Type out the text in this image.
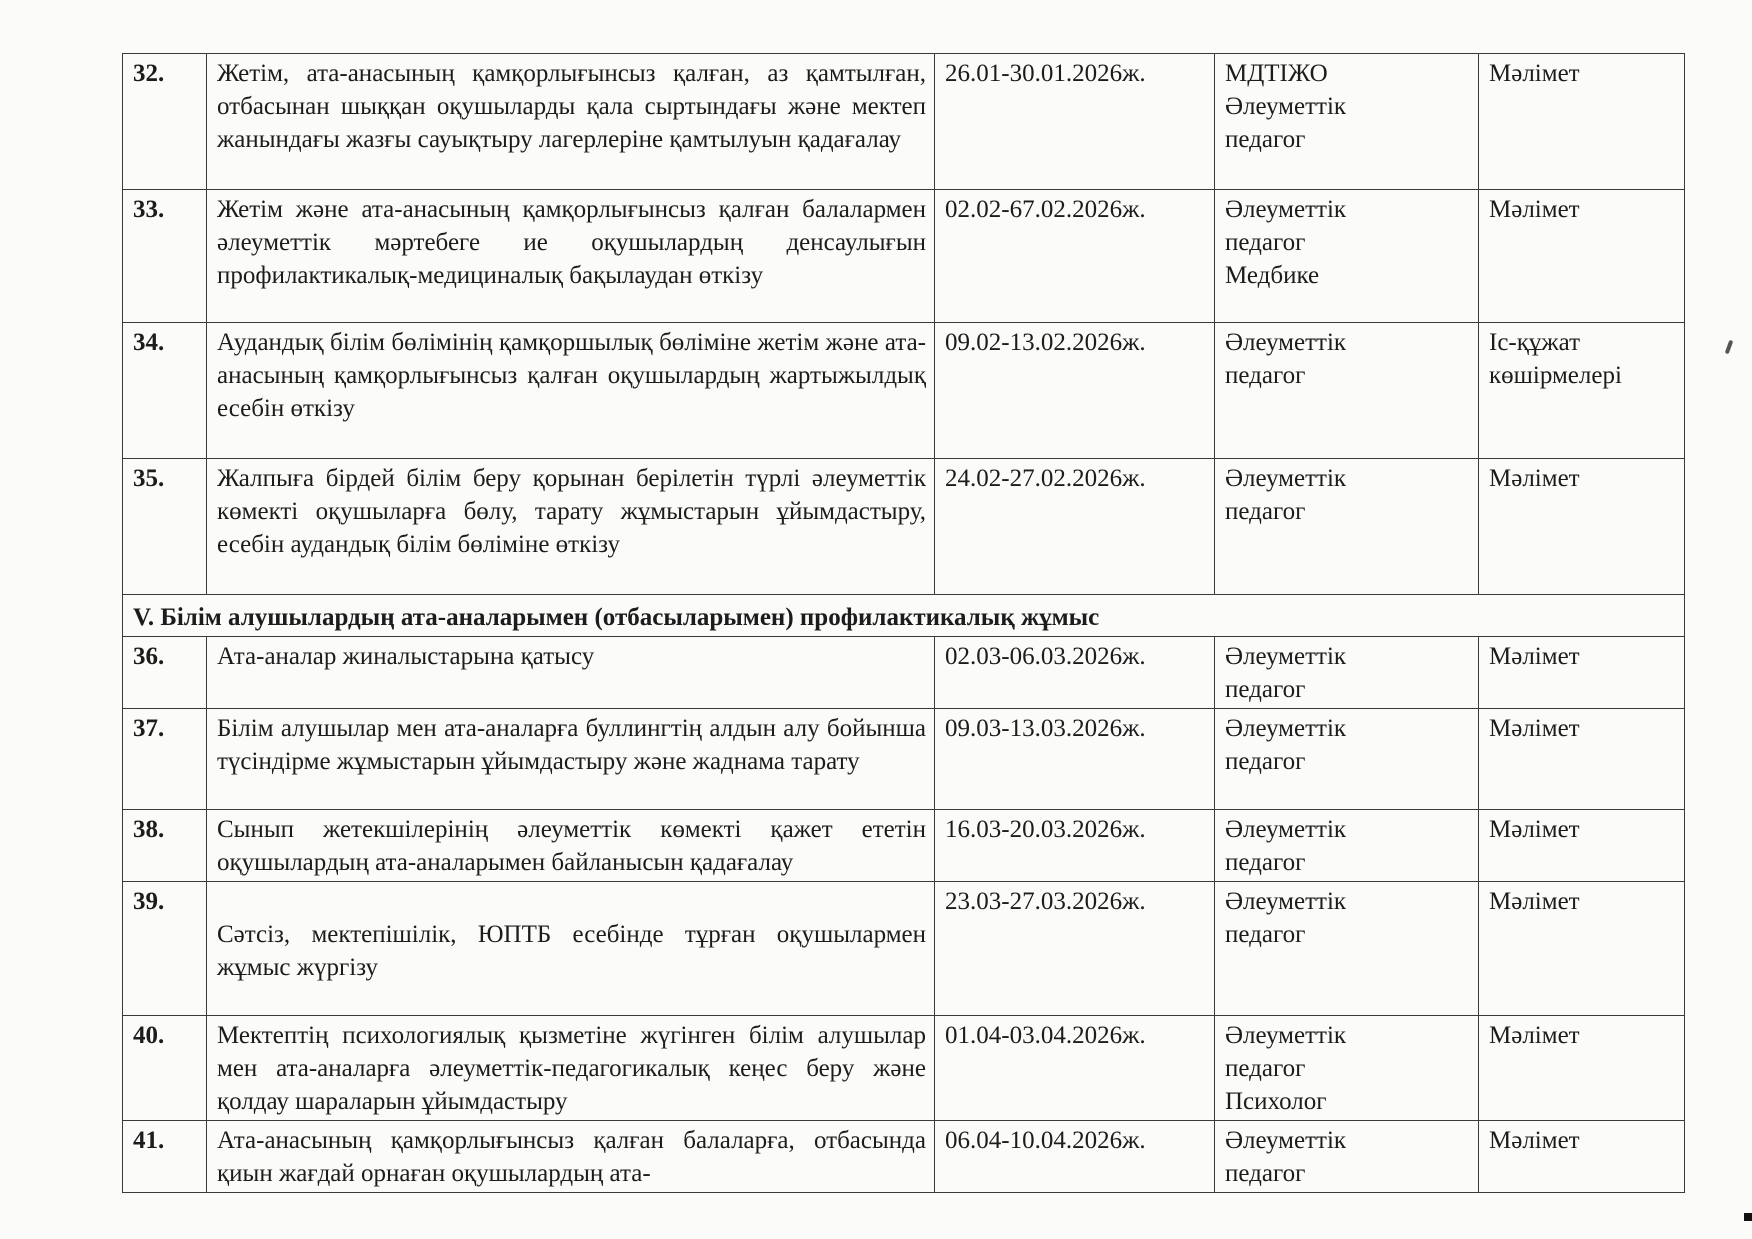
32.	Жетім, ата-анасының қамқорлығынсыз қалған, аз қамтылған, отбасынан шыққан оқушыларды қала сыртындағы және мектеп жанындағы жазғы сауықтыру лагерлеріне қамтылуын қадағалау	26.01-30.01.2026ж.	МДТІЖО
Әлеуметтік
педагог	Мәлімет

33.	Жетім және ата-анасының қамқорлығынсыз қалған балалармен әлеуметтік мәртебеге ие оқушылардың денсаулығын профилактикалық-медициналық бақылаудан өткізу	02.02-67.02.2026ж.	Әлеуметтік
педагог
Медбике	Мәлімет

34.	Аудандық білім бөлімінің қамқоршылық бөліміне жетім және ата-анасының қамқорлығынсыз қалған оқушылардың жартыжылдық есебін өткізу	09.02-13.02.2026ж.	Әлеуметтік
педагог	Іс-құжат
көшірмелері

35.	Жалпыға бірдей білім беру қорынан берілетін түрлі әлеуметтік көмекті оқушыларға бөлу, тарату жұмыстарын ұйымдастыру, есебін аудандық білім бөліміне өткізу	24.02-27.02.2026ж.	Әлеуметтік
педагог	Мәлімет

V. Білім алушылардың ата-аналарымен (отбасыларымен) профилактикалық жұмыс				
36.	Ата-аналар жиналыстарына қатысу	02.03-06.03.2026ж.	Әлеуметтік
педагог	Мәлімет

37.	Білім алушылар мен ата-аналарға буллингтің алдын алу бойынша түсіндірме жұмыстарын ұйымдастыру және жаднама тарату	09.03-13.03.2026ж.	Әлеуметтік
педагог	Мәлімет

38.	Сынып жетекшілерінің әлеуметтік көмекті қажет ететін оқушылардың ата-аналарымен байланысын қадағалау	16.03-20.03.2026ж.	Әлеуметтік
педагог	Мәлімет

39.	Сәтсіз, мектепішілік, ЮПТБ есебінде тұрған оқушылармен жұмыс жүргізу	23.03-27.03.2026ж.	Әлеуметтік
педагог	Мәлімет

40.	Мектептің психологиялық қызметіне жүгінген білім алушылар мен ата-аналарға әлеуметтік-педагогикалық кеңес беру және қолдау шараларын ұйымдастыру	01.04-03.04.2026ж.	Әлеуметтік
педагог
Психолог	Мәлімет

41.	Ата-анасының қамқорлығынсыз қалған балаларға, отбасында қиын жағдай орнаған оқушылардың ата-	06.04-10.04.2026ж.	Әлеуметтік
педагог	Мәлімет
